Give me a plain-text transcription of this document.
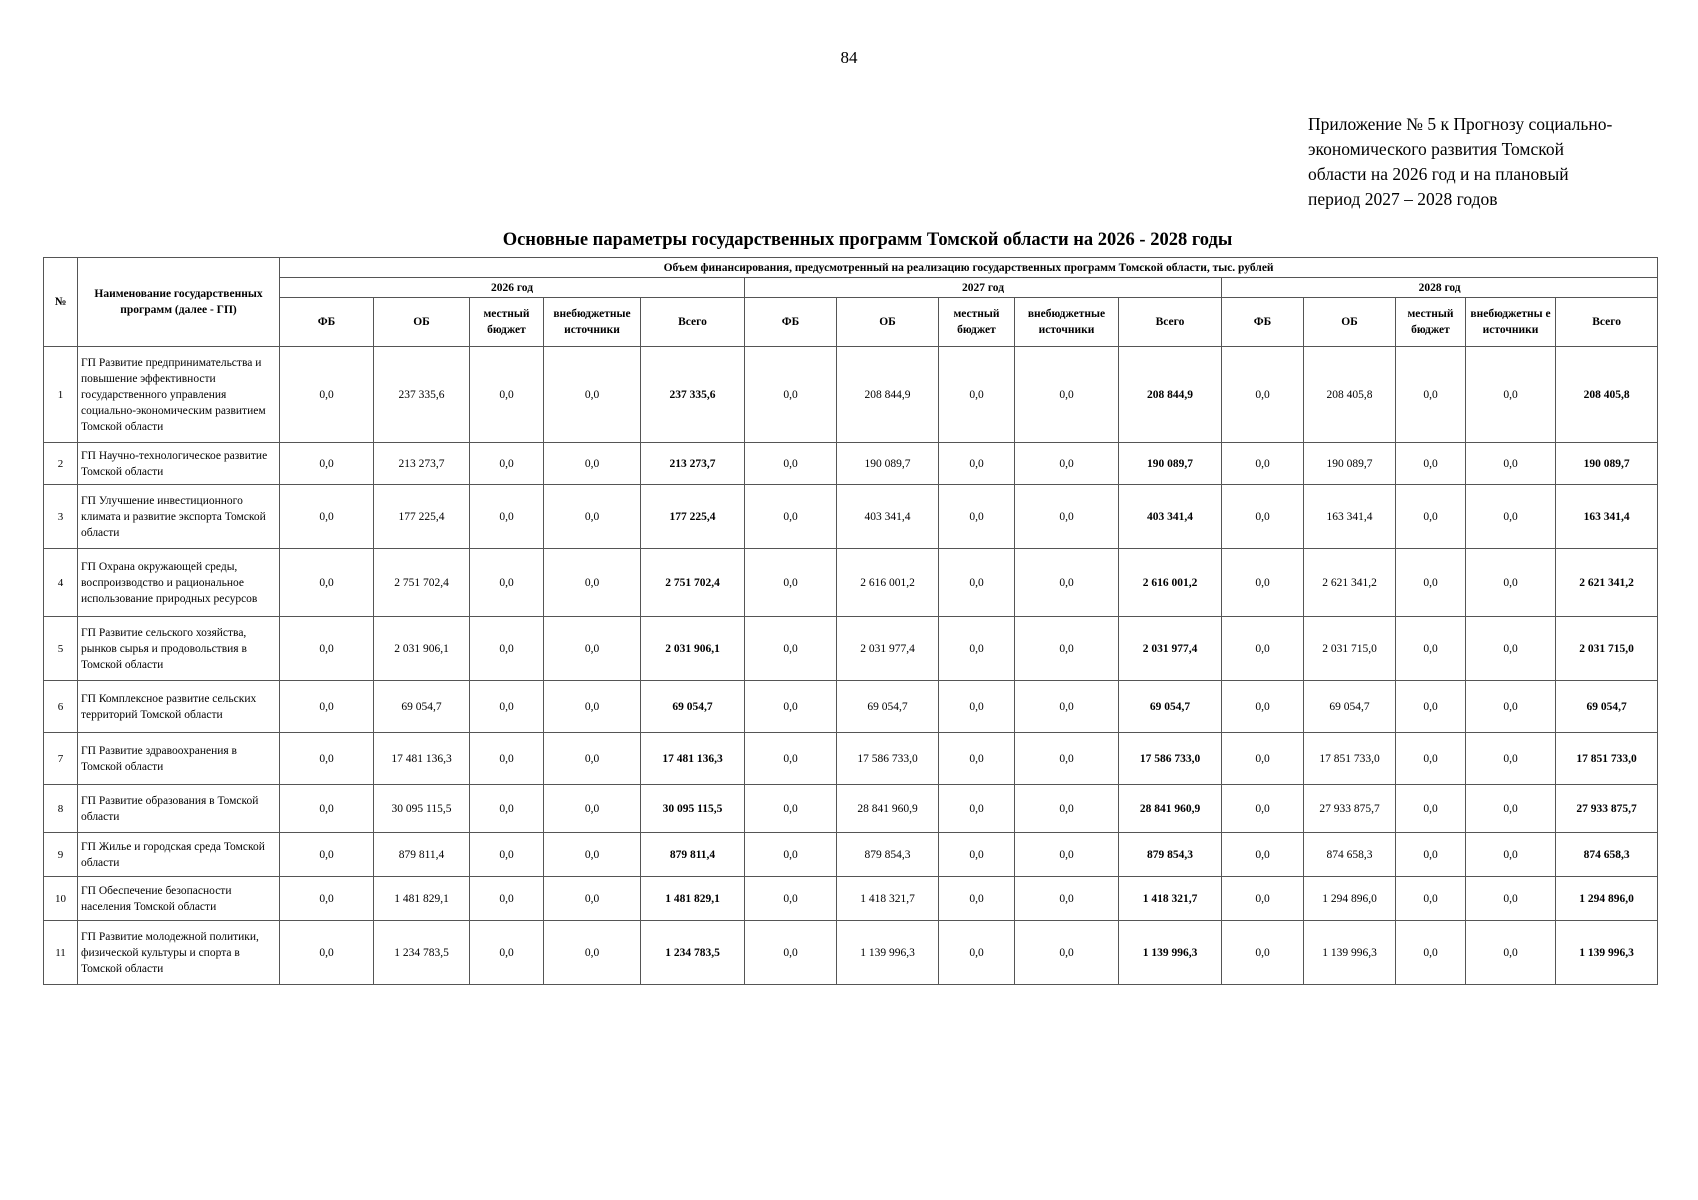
84
Приложение № 5 к Прогнозу социально-
экономического развития Томской
области на 2026 год и на плановый
период 2027 – 2028 годов
Основные параметры государственных программ Томской области на 2026 - 2028 годы
№	Наименование государственных программ (далее - ГП)	Объем финансирования, предусмотренный на реализацию государственных программ Томской области, тыс. рублей														
		2026 год					2027 год					2028 год				
		ФБ	ОБ	местный бюджет	внебюджетные источники	Всего	ФБ	ОБ	местный бюджет	внебюджетные источники	Всего	ФБ	ОБ	местный бюджет	внебюджетны е источники	Всего
1	ГП Развитие предпринимательства и повышение эффективности государственного управления социально-экономическим развитием Томской области	0,0	237 335,6	0,0	0,0	237 335,6	0,0	208 844,9	0,0	0,0	208 844,9	0,0	208 405,8	0,0	0,0	208 405,8
2	ГП Научно-технологическое развитие Томской области	0,0	213 273,7	0,0	0,0	213 273,7	0,0	190 089,7	0,0	0,0	190 089,7	0,0	190 089,7	0,0	0,0	190 089,7
3	ГП Улучшение инвестиционного климата и развитие экспорта Томской области	0,0	177 225,4	0,0	0,0	177 225,4	0,0	403 341,4	0,0	0,0	403 341,4	0,0	163 341,4	0,0	0,0	163 341,4
4	ГП Охрана окружающей среды, воспроизводство и рациональное использование природных ресурсов	0,0	2 751 702,4	0,0	0,0	2 751 702,4	0,0	2 616 001,2	0,0	0,0	2 616 001,2	0,0	2 621 341,2	0,0	0,0	2 621 341,2
5	ГП Развитие сельского хозяйства, рынков сырья и продовольствия в Томской области	0,0	2 031 906,1	0,0	0,0	2 031 906,1	0,0	2 031 977,4	0,0	0,0	2 031 977,4	0,0	2 031 715,0	0,0	0,0	2 031 715,0
6	ГП Комплексное развитие сельских территорий Томской области	0,0	69 054,7	0,0	0,0	69 054,7	0,0	69 054,7	0,0	0,0	69 054,7	0,0	69 054,7	0,0	0,0	69 054,7
7	ГП Развитие здравоохранения в Томской области	0,0	17 481 136,3	0,0	0,0	17 481 136,3	0,0	17 586 733,0	0,0	0,0	17 586 733,0	0,0	17 851 733,0	0,0	0,0	17 851 733,0
8	ГП Развитие образования в Томской области	0,0	30 095 115,5	0,0	0,0	30 095 115,5	0,0	28 841 960,9	0,0	0,0	28 841 960,9	0,0	27 933 875,7	0,0	0,0	27 933 875,7
9	ГП Жилье и городская среда Томской области	0,0	879 811,4	0,0	0,0	879 811,4	0,0	879 854,3	0,0	0,0	879 854,3	0,0	874 658,3	0,0	0,0	874 658,3
10	ГП Обеспечение безопасности населения Томской области	0,0	1 481 829,1	0,0	0,0	1 481 829,1	0,0	1 418 321,7	0,0	0,0	1 418 321,7	0,0	1 294 896,0	0,0	0,0	1 294 896,0
11	ГП Развитие молодежной политики, физической культуры и спорта в Томской области	0,0	1 234 783,5	0,0	0,0	1 234 783,5	0,0	1 139 996,3	0,0	0,0	1 139 996,3	0,0	1 139 996,3	0,0	0,0	1 139 996,3
